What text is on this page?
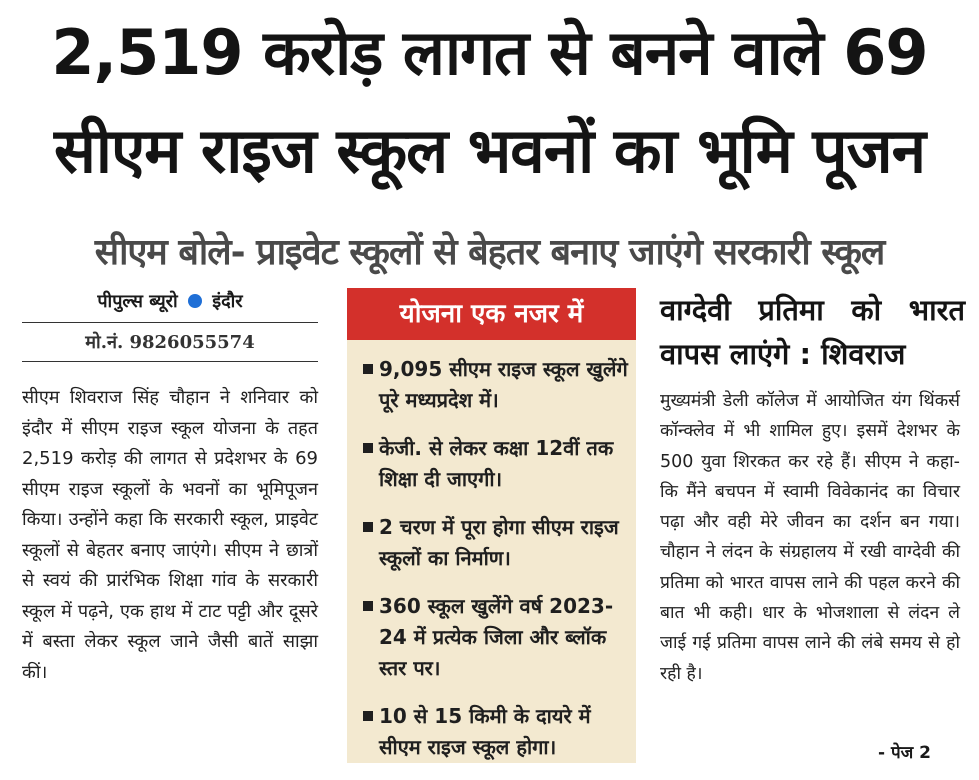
2,519 करोड़ लागत से बनने वाले 69
सीएम राइज स्कूल भवनों का भूमि पूजन
सीएम बोले- प्राइवेट स्कूलों से बेहतर बनाए जाएंगे सरकारी स्कूल
पीपुल्स ब्यूरो इंदौर
मो.नं. 9826055574
सीएम शिवराज सिंह चौहान ने शनिवार को इंदौर में सीएम राइज स्कूल योजना के तहत 2,519 करोड़ की लागत से प्रदेशभर के 69 सीएम राइज स्कूलों के भवनों का भूमिपूजन किया। उन्होंने कहा कि सरकारी स्कूल, प्राइवेट स्कूलों से बेहतर बनाए जाएंगे। सीएम ने छात्रों से स्वयं की प्रारंभिक शिक्षा गांव के सरकारी स्कूल में पढ़ने, एक हाथ में टाट पट्टी और दूसरे में बस्ता लेकर स्कूल जाने जैसी बातें साझा कीं।
योजना एक नजर में
9,095 सीएम राइज स्कूल खुलेंगे पूरे मध्यप्रदेश में।
केजी. से लेकर कक्षा 12वीं तक शिक्षा दी जाएगी।
2 चरण में पूरा होगा सीएम राइज स्कूलों का निर्माण।
360 स्कूल खुलेंगे वर्ष 2023-24 में प्रत्येक जिला और ब्लॉक स्तर पर।
10 से 15 किमी के दायरे में सीएम राइज स्कूल होगा।
वाग्देवी प्रतिमा को भारत वापस लाएंगे : शिवराज
मुख्यमंत्री डेली कॉलेज में आयोजित यंग थिंकर्स कॉन्क्लेव में भी शामिल हुए। इसमें देशभर के 500 युवा शिरकत कर रहे हैं। सीएम ने कहा- कि मैंने बचपन में स्वामी विवेकानंद का विचार पढ़ा और वही मेरे जीवन का दर्शन बन गया। चौहान ने लंदन के संग्रहालय में रखी वाग्देवी की प्रतिमा को भारत वापस लाने की पहल करने की बात भी कही। धार के भोजशाला से लंदन ले जाई गई प्रतिमा वापस लाने की लंबे समय से हो रही है।
- पेज 2
